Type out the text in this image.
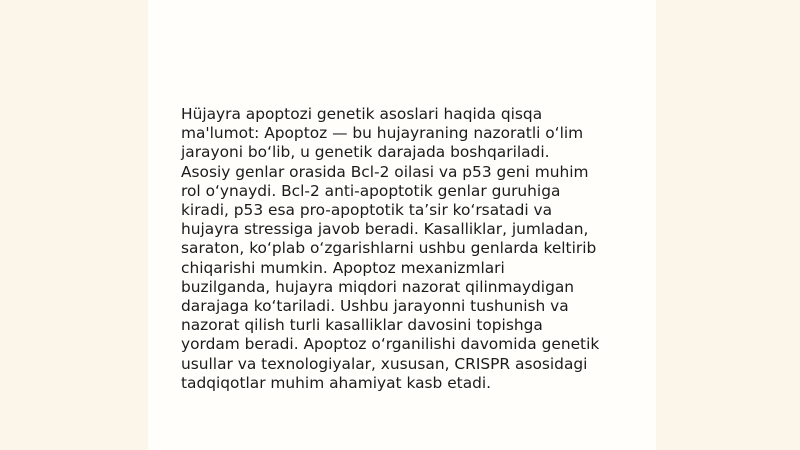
Hüjayra apoptozi genetik asoslari haqida qisqa
ma'lumot: Apoptoz — bu hujayraning nazoratli o‘lim
jarayoni bo‘lib, u genetik darajada boshqariladi.
Asosiy genlar orasida Bcl-2 oilasi va p53 geni muhim
rol o‘ynaydi. Bcl-2 anti-apoptotik genlar guruhiga
kiradi, p53 esa pro-apoptotik ta’sir ko‘rsatadi va
hujayra stressiga javob beradi. Kasalliklar, jumladan,
saraton, ko‘plab o‘zgarishlarni ushbu genlarda keltirib
chiqarishi mumkin. Apoptoz mexanizmlari
buzilganda, hujayra miqdori nazorat qilinmaydigan
darajaga ko‘tariladi. Ushbu jarayonni tushunish va
nazorat qilish turli kasalliklar davosini topishga
yordam beradi. Apoptoz o‘rganilishi davomida genetik
usullar va texnologiyalar, xususan, CRISPR asosidagi
tadqiqotlar muhim ahamiyat kasb etadi.
